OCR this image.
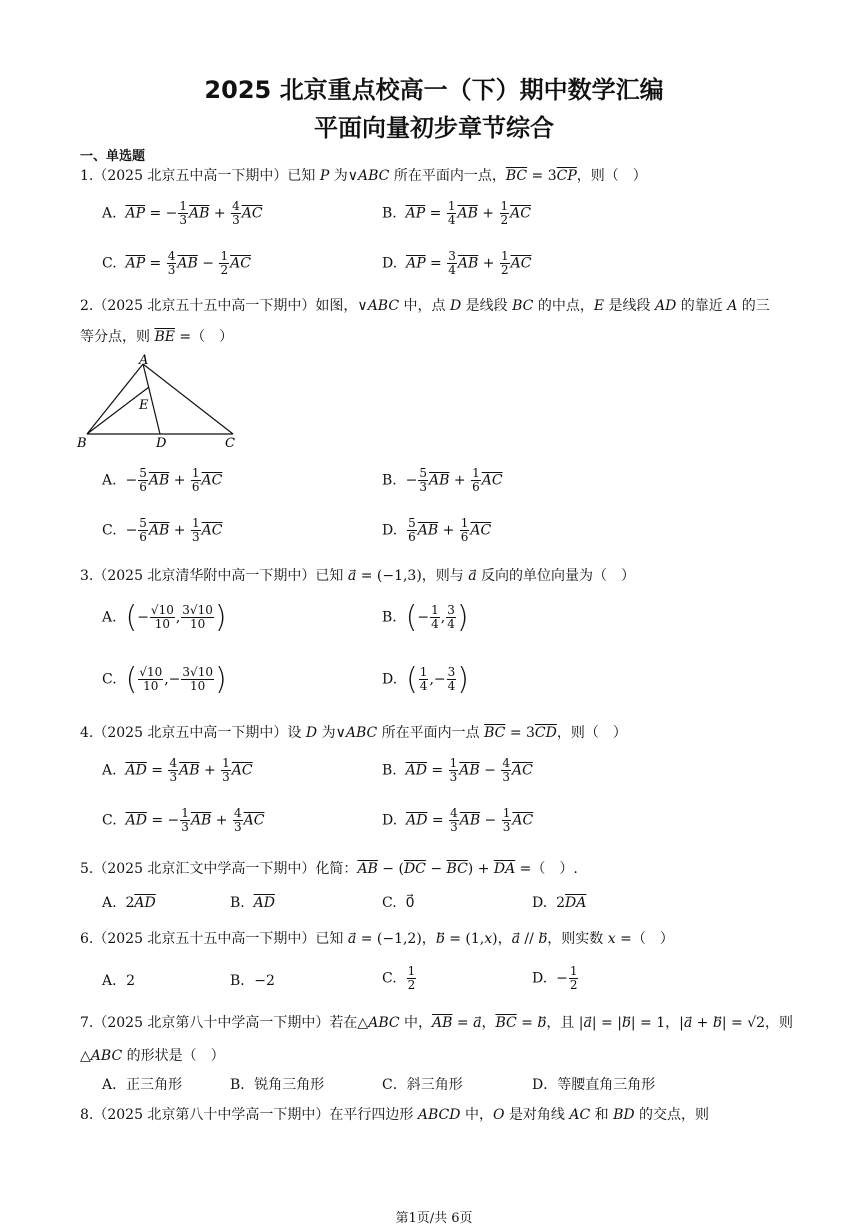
2025 北京重点校高一（下）期中数学汇编
平面向量初步章节综合
一、单选题
1.（2025 北京五中高一下期中）已知 P 为∨ABC 所在平面内一点，$\overline{BC} = 3\overline{CP}$，则（　）
A.  $\overline{AP}$ = − $\frac{1}{3} \overline{AB} + \frac{4}{3} \overline{AC}$	B.  $\overline{AP} = \frac{1}{4} \overline{AB} + \frac{1}{2} \overline{AC}$
C.  $\overline{AP} = \frac{4}{3} \overline{AB} - \frac{1}{2} \overline{AC}$	D.  $\overline{AP} = \frac{3}{4} \overline{AB} + \frac{1}{2} \overline{AC}$
2.（2025 北京五十五中高一下期中）如图，∨ABC 中，点 D 是线段 BC 的中点，E 是线段 AD 的靠近 A 的三
等分点，则 $\overline{BE}$ =（　）
A
B	D	C
E
A.  − $\frac{5}{6} \overline{AB} + \frac{1}{6} \overline{AC}$	B.  − $\frac{5}{3} \overline{AB} + \frac{1}{6} \overline{AC}$
C.  − $\frac{5}{6} \overline{AB} + \frac{1}{3} \overline{AC}$	D. $\frac{5}{6} \overline{AB} + \frac{1}{6} \overline{AC}$
3.（2025 北京清华附中高一下期中）已知 a⃗ = (−1,3)，则与 a⃗ 反向的单位向量为（　）
A.  (− $\frac{√10}{10}$ , $\frac{3√10}{10}$ )	B.  (− $\frac{1}{4}$ , $\frac{3}{4}$ )
C.  ( $\frac{√10}{10}$ ,− $\frac{3√10}{10}$ )	D.  ( $\frac{1}{4}$ ,− $\frac{3}{4}$ )
4.（2025 北京五中高一下期中）设 D 为∨ABC 所在平面内一点 $\overline{BC} = 3\overline{CD}$，则（　）
A.  $\overline{AD} = \frac{4}{3} \overline{AB} + \frac{1}{3} \overline{AC}$	B.  $\overline{AD} = \frac{1}{3} \overline{AB} - \frac{4}{3} \overline{AC}$
C.  $\overline{AD}$ = − $\frac{1}{3} \overline{AB} + \frac{4}{3} \overline{AC}$	D.  $\overline{AD} = \frac{4}{3} \overline{AB} - \frac{1}{3} \overline{AC}$
5.（2025 北京汇文中学高一下期中）化简：$\overline{AB} - (\overline{DC} - \overline{BC}) + \overline{DA}$ =（　）.
A.  $2\overline{AD}$	B.  $\overline{AD}$	C.  0⃗	D.  $2\overline{DA}$
6.（2025 北京五十五中高一下期中）已知 a⃗ = (−1,2)，b⃗ = (1,x)，a⃗ // b⃗，则实数 x =（　）
A．2	B．−2	C. $\frac{1}{2}$	D.  − $\frac{1}{2}$
7.（2025 北京第八十中学高一下期中）若在△ABC 中，$\overline{AB}$ = a⃗，$\overline{BC}$ = b⃗，且 |a⃗| = |b⃗| = 1，|a⃗ + b⃗| = √2，则
△ABC 的形状是（　）
A．正三角形	B．锐角三角形	C．斜三角形	D．等腰直角三角形
8.（2025 北京第八十中学高一下期中）在平行四边形 ABCD 中，O 是对角线 AC 和 BD 的交点，则
第1页/共 6页
